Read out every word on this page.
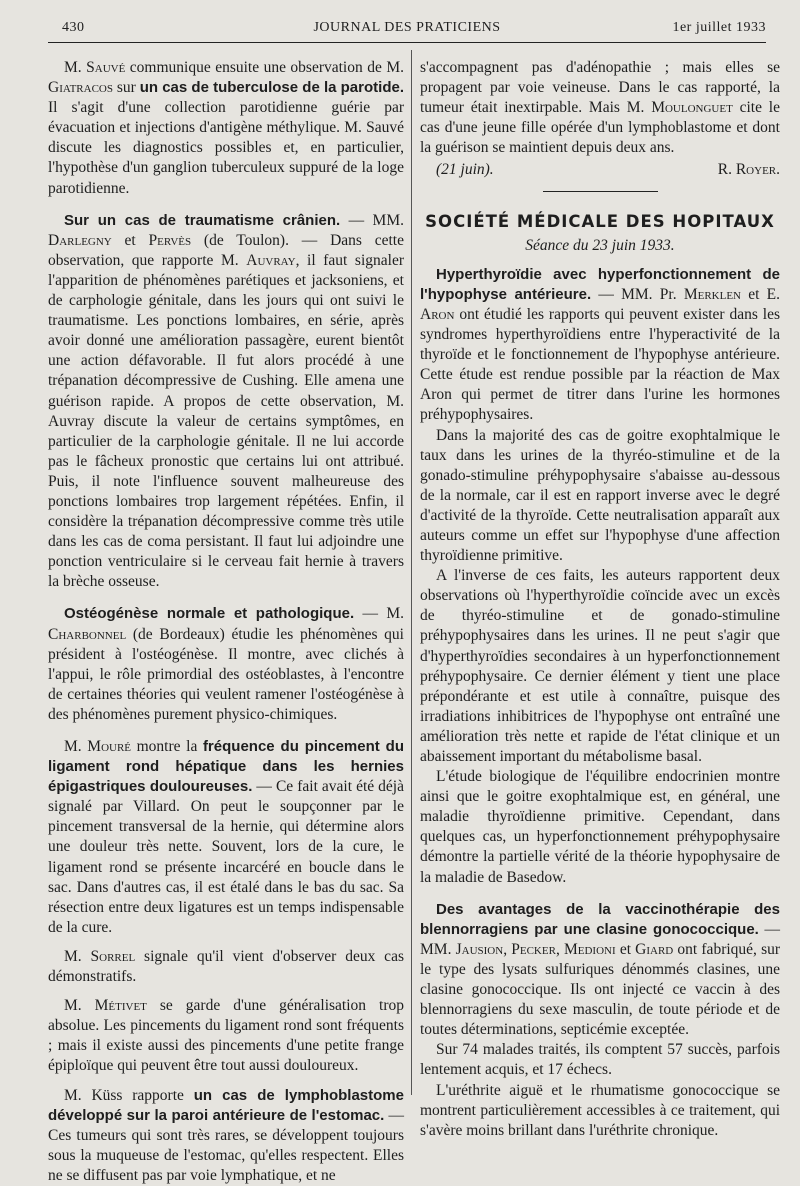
430	JOURNAL DES PRATICIENS	1er juillet 1933

M. Sauvé communique ensuite une observation de M. Giatracos sur un cas de tuberculose de la parotide. Il s'agit d'une collection parotidienne guérie par évacuation et injections d'antigène méthylique. M. Sauvé discute les diagnostics possibles et, en particulier, l'hypothèse d'un ganglion tuberculeux suppuré de la loge parotidienne.

Sur un cas de traumatisme crânien. — MM. Darlegny et Pervès (de Toulon). — Dans cette observation, que rapporte M. Auvray, il faut signaler l'apparition de phénomènes parétiques et jacksoniens, et de carphologie génitale, dans les jours qui ont suivi le traumatisme. Les ponctions lombaires, en série, après avoir donné une amélioration passagère, eurent bientôt une action défavorable. Il fut alors procédé à une trépanation décompressive de Cushing. Elle amena une guérison rapide. A propos de cette observation, M. Auvray discute la valeur de certains symptômes, en particulier de la carphologie génitale. Il ne lui accorde pas le fâcheux pronostic que certains lui ont attribué. Puis, il note l'influence souvent malheureuse des ponctions lombaires trop largement répétées. Enfin, il considère la trépanation décompressive comme très utile dans les cas de coma persistant. Il faut lui adjoindre une ponction ventriculaire si le cerveau fait hernie à travers la brèche osseuse.

Ostéogénèse normale et pathologique. — M. Charbonnel (de Bordeaux) étudie les phénomènes qui président à l'ostéogénèse. Il montre, avec clichés à l'appui, le rôle primordial des ostéoblastes, à l'encontre de certaines théories qui veulent ramener l'ostéogénèse à des phénomènes purement physico-chimiques.

M. Mouré montre la fréquence du pincement du ligament rond hépatique dans les hernies épigastriques douloureuses. — Ce fait avait été déjà signalé par Villard. On peut le soupçonner par le pincement transversal de la hernie, qui détermine alors une douleur très nette. Souvent, lors de la cure, le ligament rond se présente incarcéré en boucle dans le sac. Dans d'autres cas, il est étalé dans le bas du sac. Sa résection entre deux ligatures est un temps indispensable de la cure.

M. Sorrel signale qu'il vient d'observer deux cas démonstratifs.

M. Métivet se garde d'une généralisation trop absolue. Les pincements du ligament rond sont fréquents ; mais il existe aussi des pincements d'une petite frange épiploïque qui peuvent être tout aussi douloureux.

M. Küss rapporte un cas de lymphoblastome développé sur la paroi antérieure de l'estomac. — Ces tumeurs qui sont très rares, se développent toujours sous la muqueuse de l'estomac, qu'elles respectent. Elles ne se diffusent pas par voie lymphatique, et ne

s'accompagnent pas d'adénopathie ; mais elles se propagent par voie veineuse. Dans le cas rapporté, la tumeur était inextirpable. Mais M. Moulonguet cite le cas d'une jeune fille opérée d'un lymphoblastome et dont la guérison se maintient depuis deux ans.

(21 juin).	R. Royer.
SOCIÉTÉ MÉDICALE DES HOPITAUX
Séance du 23 juin 1933.

Hyperthyroïdie avec hyperfonctionnement de l'hypophyse antérieure. — MM. Pr. Merklen et E. Aron ont étudié les rapports qui peuvent exister dans les syndromes hyperthyroïdiens entre l'hyperactivité de la thyroïde et le fonctionnement de l'hypophyse antérieure. Cette étude est rendue possible par la réaction de Max Aron qui permet de titrer dans l'urine les hormones préhypophysaires.

Dans la majorité des cas de goitre exophtalmique le taux dans les urines de la thyréo-stimuline et de la gonado-stimuline préhypophysaire s'abaisse au-dessous de la normale, car il est en rapport inverse avec le degré d'activité de la thyroïde. Cette neutralisation apparaît aux auteurs comme un effet sur l'hypophyse d'une affection thyroïdienne primitive.

A l'inverse de ces faits, les auteurs rapportent deux observations où l'hyperthyroïdie coïncide avec un excès de thyréo-stimuline et de gonado-stimuline préhypophysaires dans les urines. Il ne peut s'agir que d'hyperthyroïdies secondaires à un hyperfonctionnement préhypophysaire. Ce dernier élément y tient une place prépondérante et est utile à connaître, puisque des irradiations inhibitrices de l'hypophyse ont entraîné une amélioration très nette et rapide de l'état clinique et un abaissement important du métabolisme basal.

L'étude biologique de l'équilibre endocrinien montre ainsi que le goitre exophtalmique est, en général, une maladie thyroïdienne primitive. Cependant, dans quelques cas, un hyperfonctionnement préhypophysaire démontre la partielle vérité de la théorie hypophysaire de la maladie de Basedow.

Des avantages de la vaccinothérapie des blennorragiens par une clasine gonococcique. — MM. Jausion, Pecker, Medioni et Giard ont fabriqué, sur le type des lysats sulfuriques dénommés clasines, une clasine gonococcique. Ils ont injecté ce vaccin à des blennorragiens du sexe masculin, de toute période et de toutes déterminations, septicémie exceptée.

Sur 74 malades traités, ils comptent 57 succès, parfois lentement acquis, et 17 échecs.

L'uréthrite aiguë et le rhumatisme gonococcique se montrent particulièrement accessibles à ce traitement, qui s'avère moins brillant dans l'uréthrite chronique.
